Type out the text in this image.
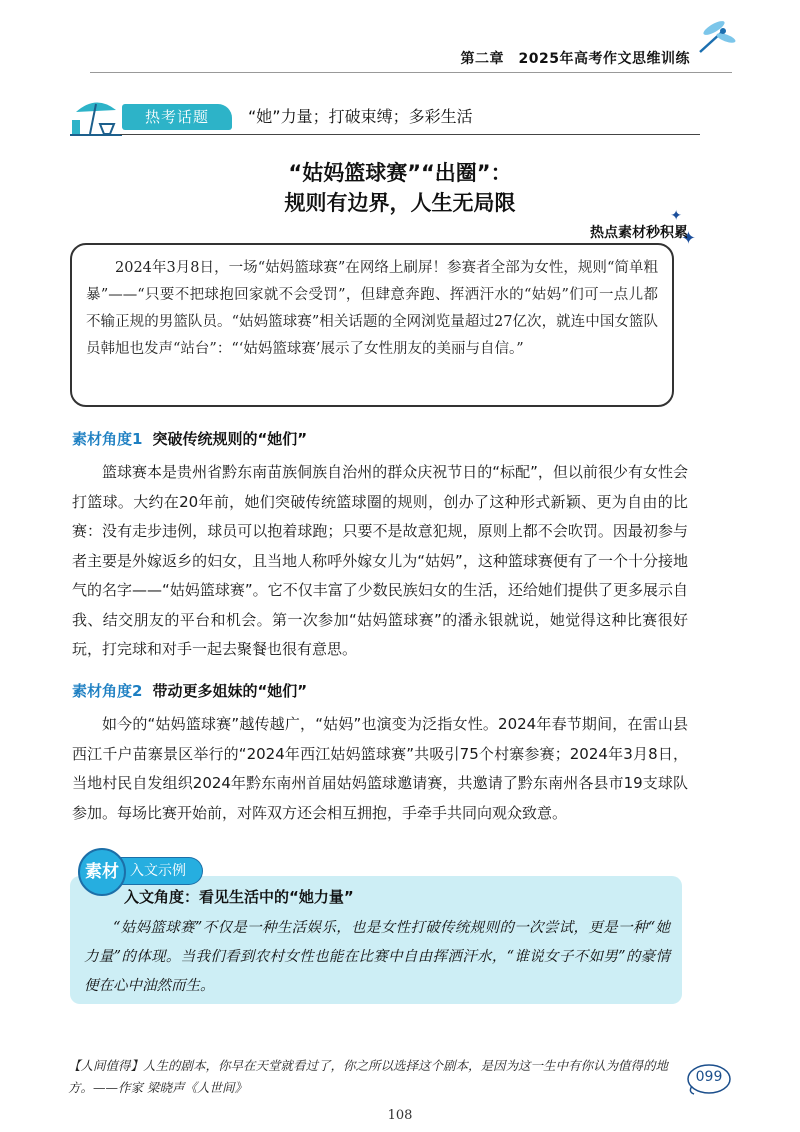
第二章　2025年高考作文思维训练
热考话题	“她”力量；打破束缚；多彩生活
“姑妈篮球赛”“出圈”：
规则有边界，人生无局限
✦
✦
热点素材秒积累

2024年3月8日，一场“姑妈篮球赛”在网络上刷屏！参赛者全部为女性，规则“简单粗暴”——“只要不把球抱回家就不会受罚”，但肆意奔跑、挥洒汗水的“姑妈”们可一点儿都不输正规的男篮队员。“姑妈篮球赛”相关话题的全网浏览量超过27亿次，就连中国女篮队员韩旭也发声“站台”：“‘姑妈篮球赛’展示了女性朋友的美丽与自信。”

素材角度1 突破传统规则的“她们”

篮球赛本是贵州省黔东南苗族侗族自治州的群众庆祝节日的“标配”，但以前很少有女性会打篮球。大约在20年前，她们突破传统篮球圈的规则，创办了这种形式新颖、更为自由的比赛：没有走步违例，球员可以抱着球跑；只要不是故意犯规，原则上都不会吹罚。因最初参与者主要是外嫁返乡的妇女，且当地人称呼外嫁女儿为“姑妈”，这种篮球赛便有了一个十分接地气的名字——“姑妈篮球赛”。它不仅丰富了少数民族妇女的生活，还给她们提供了更多展示自我、结交朋友的平台和机会。第一次参加“姑妈篮球赛”的潘永银就说，她觉得这种比赛很好玩，打完球和对手一起去聚餐也很有意思。

素材角度2 带动更多姐妹的“她们”

如今的“姑妈篮球赛”越传越广，“姑妈”也演变为泛指女性。2024年春节期间，在雷山县西江千户苗寨景区举行的“2024年西江姑妈篮球赛”共吸引75个村寨参赛；2024年3月8日，当地村民自发组织2024年黔东南州首届姑妈篮球邀请赛，共邀请了黔东南州各县市19支球队参加。每场比赛开始前，对阵双方还会相互拥抱，手牵手共同向观众致意。

入文角度：看见生活中的“她力量”

“姑妈篮球赛”不仅是一种生活娱乐，也是女性打破传统规则的一次尝试，更是一种“她力量”的体现。当我们看到农村女性也能在比赛中自由挥洒汗水，“谁说女子不如男”的豪情便在心中油然而生。

素材 入文示例

【人间值得】人生的剧本，你早在天堂就看过了，你之所以选择这个剧本，是因为这一生中有你认为值得的地方。——作家 梁晓声《人世间》

099
108
